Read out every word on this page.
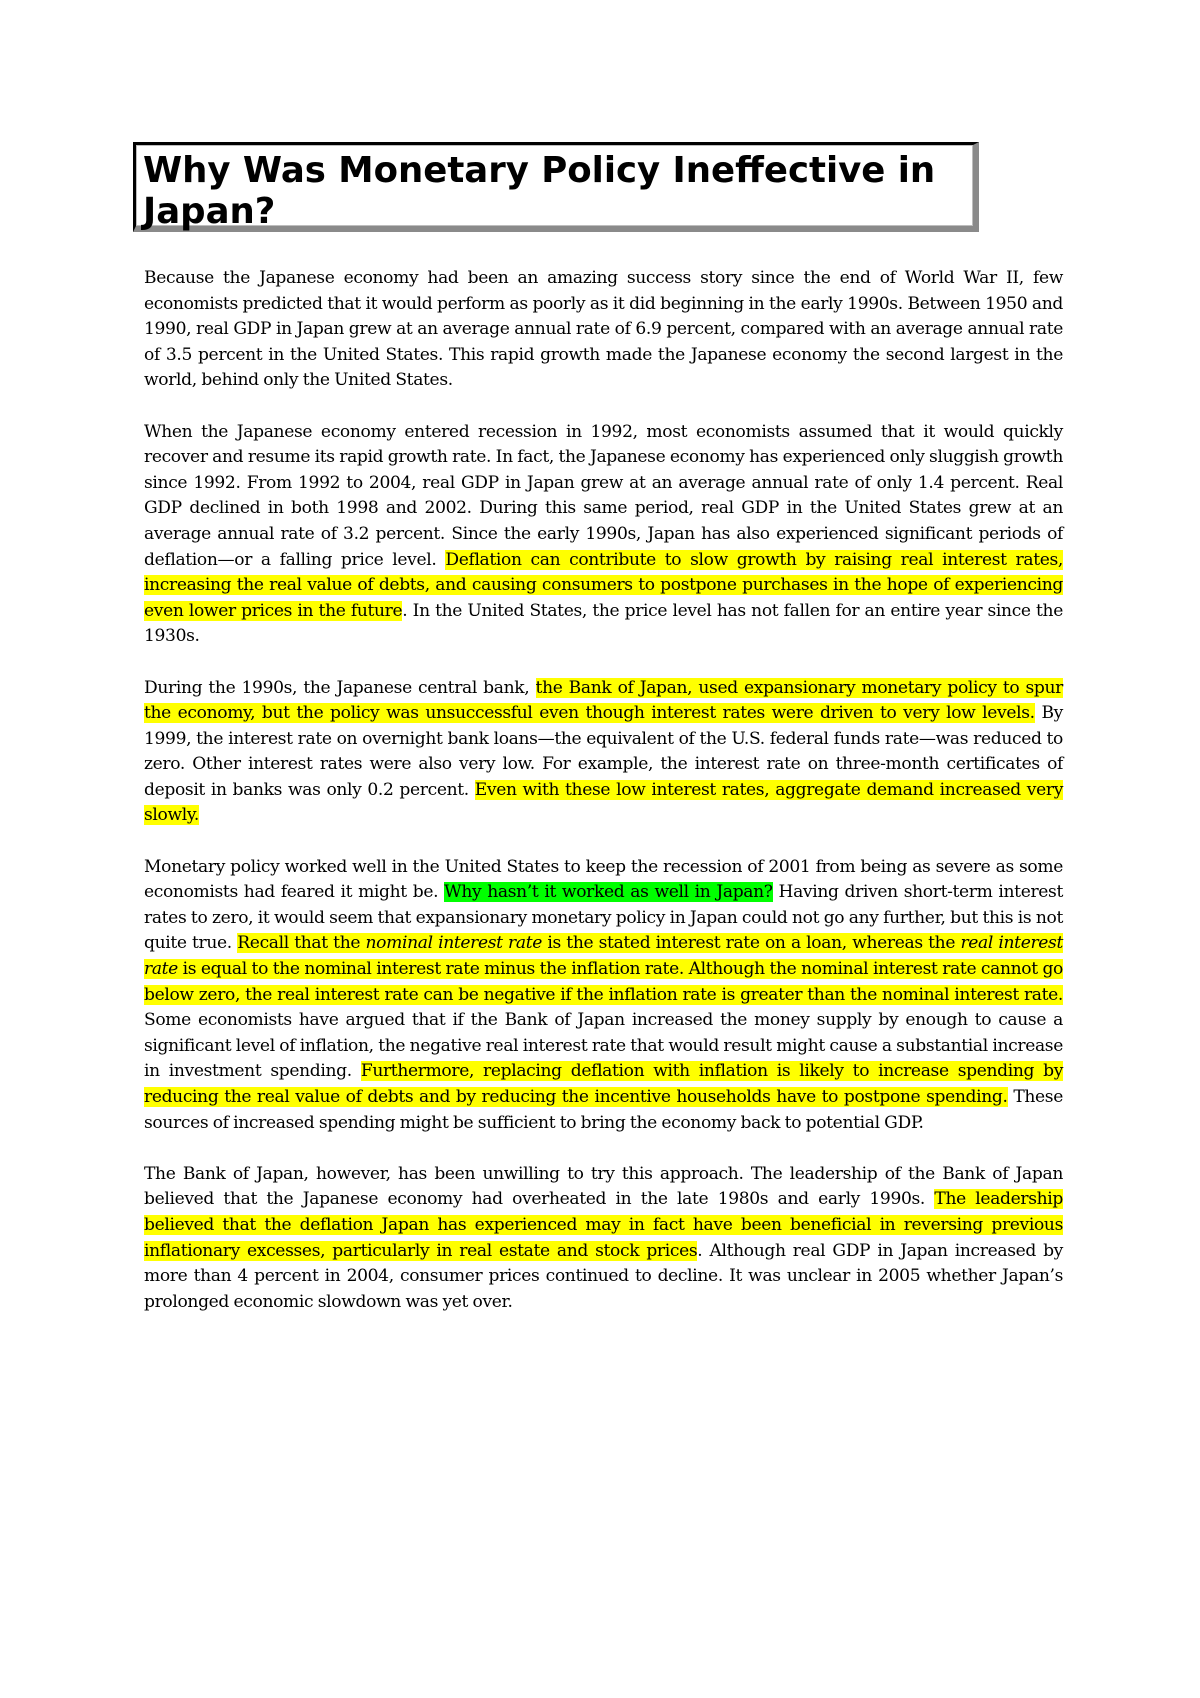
Why Was Monetary Policy Ineffective in Japan?

Because the Japanese economy had been an amazing success story since the end of World War II, few economists predicted that it would perform as poorly as it did beginning in the early 1990s. Between 1950 and 1990, real GDP in Japan grew at an average annual rate of 6.9 percent, compared with an average annual rate of 3.5 percent in the United States. This rapid growth made the Japanese economy the second largest in the world, behind only the United States.

When the Japanese economy entered recession in 1992, most economists assumed that it would quickly recover and resume its rapid growth rate. In fact, the Japanese economy has experienced only sluggish growth since 1992. From 1992 to 2004, real GDP in Japan grew at an average annual rate of only 1.4 percent. Real GDP declined in both 1998 and 2002. During this same period, real GDP in the United States grew at an average annual rate of 3.2 percent. Since the early 1990s, Japan has also experienced significant periods of deflation—or a falling price level. Deflation can contribute to slow growth by raising real interest rates, increasing the real value of debts, and causing consumers to postpone purchases in the hope of experiencing even lower prices in the future. In the United States, the price level has not fallen for an entire year since the 1930s.

During the 1990s, the Japanese central bank, the Bank of Japan, used expansionary monetary policy to spur the economy, but the policy was unsuccessful even though interest rates were driven to very low levels. By 1999, the interest rate on overnight bank loans—the equivalent of the U.S. federal funds rate—was reduced to zero. Other interest rates were also very low. For example, the interest rate on three-month certificates of deposit in banks was only 0.2 percent. Even with these low interest rates, aggregate demand increased very slowly.

Monetary policy worked well in the United States to keep the recession of 2001 from being as severe as some economists had feared it might be. Why hasn’t it worked as well in Japan? Having driven short-term interest rates to zero, it would seem that expansionary monetary policy in Japan could not go any further, but this is not quite true. Recall that the nominal interest rate is the stated interest rate on a loan, whereas the real interest rate is equal to the nominal interest rate minus the inflation rate. Although the nominal interest rate cannot go below zero, the real interest rate can be negative if the inflation rate is greater than the nominal interest rate. Some economists have argued that if the Bank of Japan increased the money supply by enough to cause a significant level of inflation, the negative real interest rate that would result might cause a substantial increase in investment spending. Furthermore, replacing deflation with inflation is likely to increase spending by reducing the real value of debts and by reducing the incentive households have to postpone spending. These sources of increased spending might be sufficient to bring the economy back to potential GDP.

The Bank of Japan, however, has been unwilling to try this approach. The leadership of the Bank of Japan believed that the Japanese economy had overheated in the late 1980s and early 1990s. The leadership believed that the deflation Japan has experienced may in fact have been beneficial in reversing previous inflationary excesses, particularly in real estate and stock prices. Although real GDP in Japan increased by more than 4 percent in 2004, consumer prices continued to decline. It was unclear in 2005 whether Japan’s prolonged economic slowdown was yet over.
